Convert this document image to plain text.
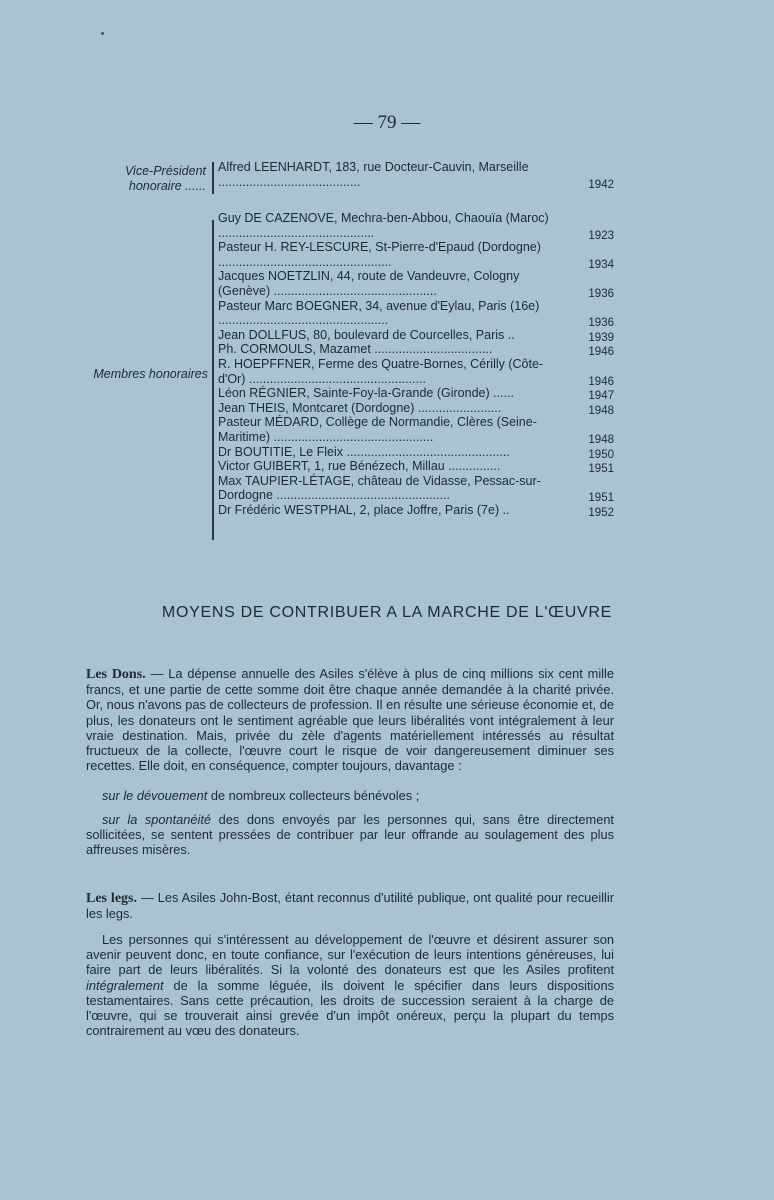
— 79 —
Vice-Président
honoraire ......
Alfred LEENHARDT, 183, rue Docteur-Cauvin, Marseille .........................................	1942
Membres honoraires
Guy DE CAZENOVE, Mechra-ben-Abbou, Chaouïa (Maroc) .............................................	1923
Pasteur H. REY-LESCURE, St-Pierre-d'Epaud (Dordogne) ..................................................	1934
Jacques NOETZLIN, 44, route de Vandeuvre, Cologny (Genève) ...............................................	1936
Pasteur Marc BOEGNER, 34, avenue d'Eylau, Paris (16e) .................................................	1936
Jean DOLLFUS, 80, boulevard de Courcelles, Paris ..	1939
Ph. CORMOULS, Mazamet ..................................	1946
R. HOEPFFNER, Ferme des Quatre-Bornes, Cérilly (Côte-d'Or) ...................................................	1946
Léon RÉGNIER, Sainte-Foy-la-Grande (Gironde) ......	1947
Jean THEIS, Montcaret (Dordogne) ........................	1948
Pasteur MÉDARD, Collège de Normandie, Clères (Seine-Maritime) ..............................................	1948
Dr BOUTITIE, Le Fleix ...............................................	1950
Victor GUIBERT, 1, rue Bénézech, Millau ...............	1951
Max TAUPIER-LÉTAGE, château de Vidasse, Pessac-sur-Dordogne ..................................................	1951
Dr Frédéric WESTPHAL, 2, place Joffre, Paris (7e) ..	1952
MOYENS DE CONTRIBUER A LA MARCHE DE L'ŒUVRE
Les Dons. — La dépense annuelle des Asiles s'élève à plus de cinq millions six cent mille francs, et une partie de cette somme doit être chaque année demandée à la charité privée. Or, nous n'avons pas de collecteurs de profession. Il en résulte une sérieuse économie et, de plus, les donateurs ont le sentiment agréable que leurs libéralités vont intégralement à leur vraie destination. Mais, privée du zèle d'agents matériellement intéressés au résultat fructueux de la collecte, l'œuvre court le risque de voir dangereusement diminuer ses recettes. Elle doit, en conséquence, compter toujours, davantage :
sur le dévouement de nombreux collecteurs bénévoles ;
sur la spontanéité des dons envoyés par les personnes qui, sans être directement sollicitées, se sentent pressées de contribuer par leur offrande au soulagement des plus affreuses misères.
Les legs. — Les Asiles John-Bost, étant reconnus d'utilité publique, ont qualité pour recueillir les legs.
Les personnes qui s'intéressent au développement de l'œuvre et désirent assurer son avenir peuvent donc, en toute confiance, sur l'exécution de leurs intentions généreuses, lui faire part de leurs libéralités. Si la volonté des donateurs est que les Asiles profitent intégralement de la somme léguée, ils doivent le spécifier dans leurs dispositions testamentaires. Sans cette précaution, les droits de succession seraient à la charge de l'œuvre, qui se trouverait ainsi grevée d'un impôt onéreux, perçu la plupart du temps contrairement au vœu des donateurs.
